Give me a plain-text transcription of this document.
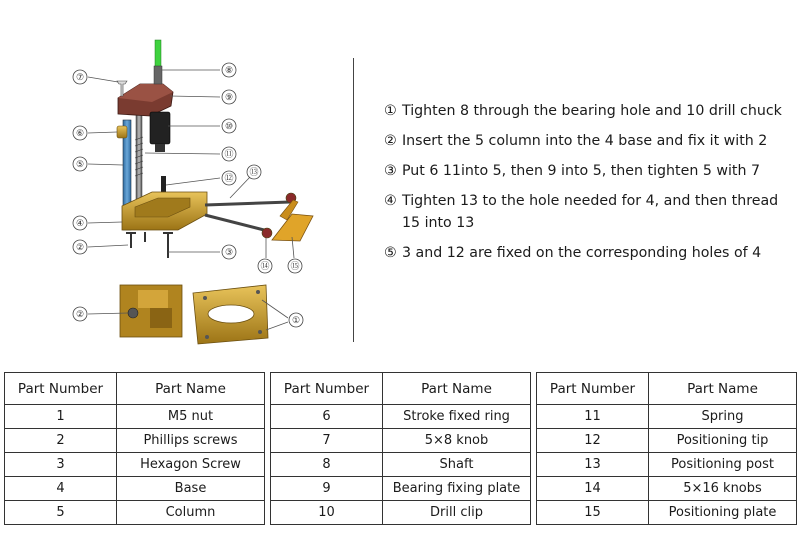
⑦
⑧
⑨
⑩
⑥
⑪
⑤
⑫
⑬
④
②	③
⑭ ⑮
②
①
① Tighten 8 through the bearing hole and 10 drill chuck
② Insert the 5 column into the 4 base and fix it with 2
③ Put 6 11into 5, then 9 into 5, then tighten 5 with 7
④ Tighten 13 to the hole needed for 4, and then thread 15 into 13
⑤ 3 and 12 are fixed on the corresponding holes of 4
Part Number	Part Name
1	M5 nut
2	Phillips screws
3	Hexagon Screw
4	Base
5	Column
Part Number	Part Name
6	Stroke fixed ring
7	5×8 knob
8	Shaft
9	Bearing fixing plate
10	Drill clip
Part Number	Part Name
11	Spring
12	Positioning tip
13	Positioning post
14	5×16 knobs
15	Positioning plate
